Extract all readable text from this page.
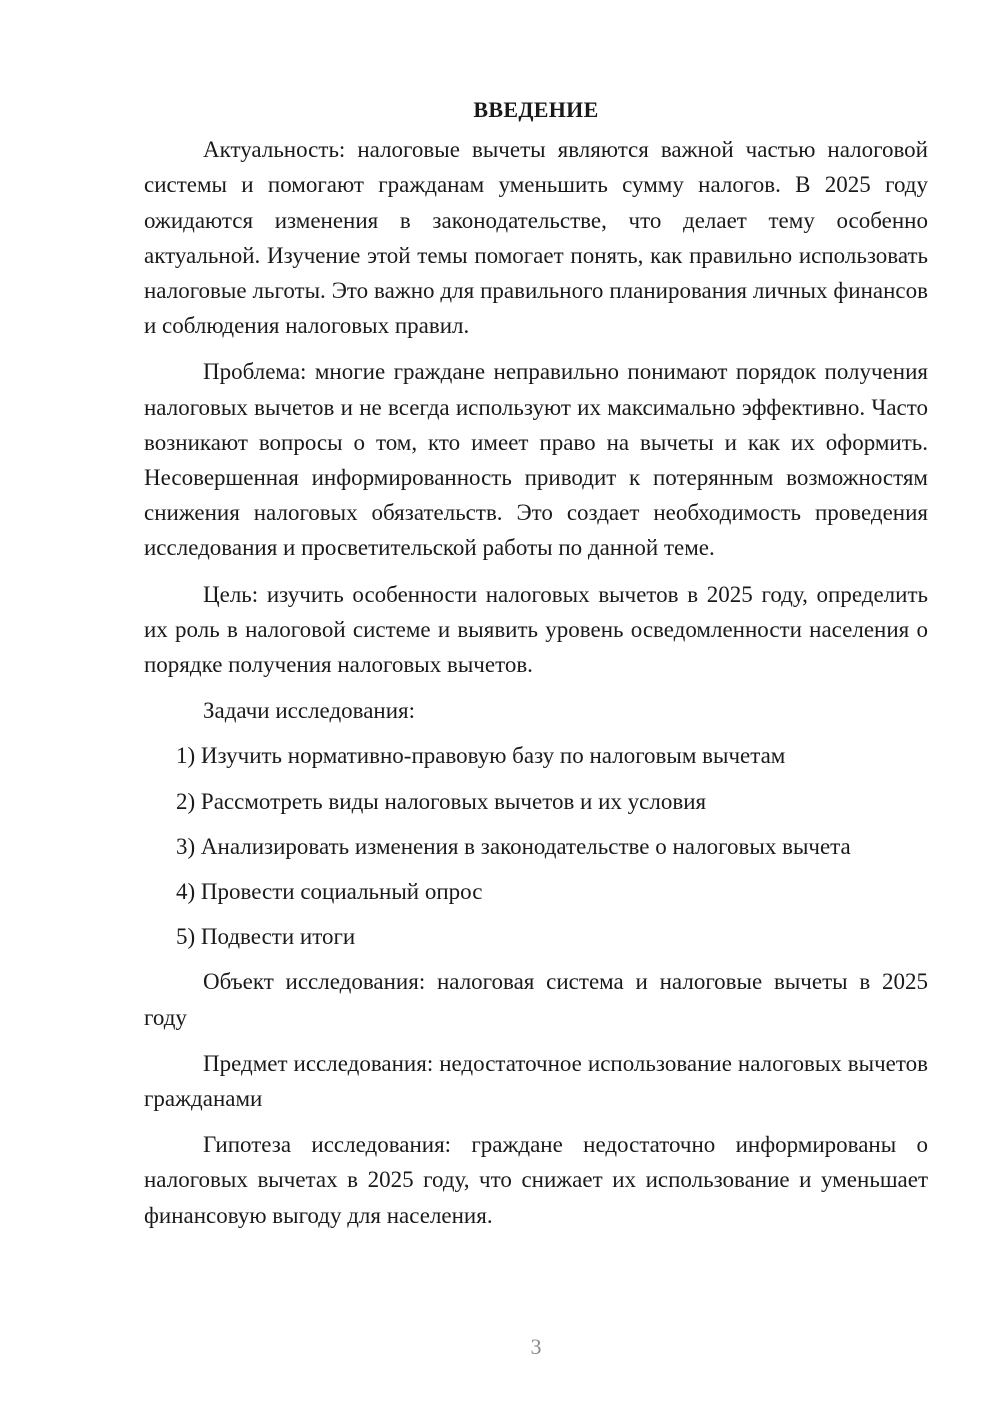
ВВЕДЕНИЕ

Актуальность: налоговые вычеты являются важной частью налоговой системы и помогают гражданам уменьшить сумму налогов. В 2025 году ожидаются изменения в законодательстве, что делает тему особенно актуальной. Изучение этой темы помогает понять, как правильно использовать налоговые льготы. Это важно для правильного планирования личных финансов и соблюдения налоговых правил.

Проблема: многие граждане неправильно понимают порядок получения налоговых вычетов и не всегда используют их максимально эффективно. Часто возникают вопросы о том, кто имеет право на вычеты и как их оформить. Несовершенная информированность приводит к потерянным возможностям снижения налоговых обязательств. Это создает необходимость проведения исследования и просветительской работы по данной теме.

Цель: изучить особенности налоговых вычетов в 2025 году, определить их роль в налоговой системе и выявить уровень осведомленности населения о порядке получения налоговых вычетов.

Задачи исследования:

1) Изучить нормативно-правовую базу по налоговым вычетам

2) Рассмотреть виды налоговых вычетов и их условия

3) Анализировать изменения в законодательстве о налоговых вычета

4) Провести социальный опрос

5) Подвести итоги

Объект исследования: налоговая система и налоговые вычеты в 2025 году

Предмет исследования: недостаточное использование налоговых вычетов гражданами

Гипотеза исследования: граждане недостаточно информированы о налоговых вычетах в 2025 году, что снижает их использование и уменьшает финансовую выгоду для населения.

3
